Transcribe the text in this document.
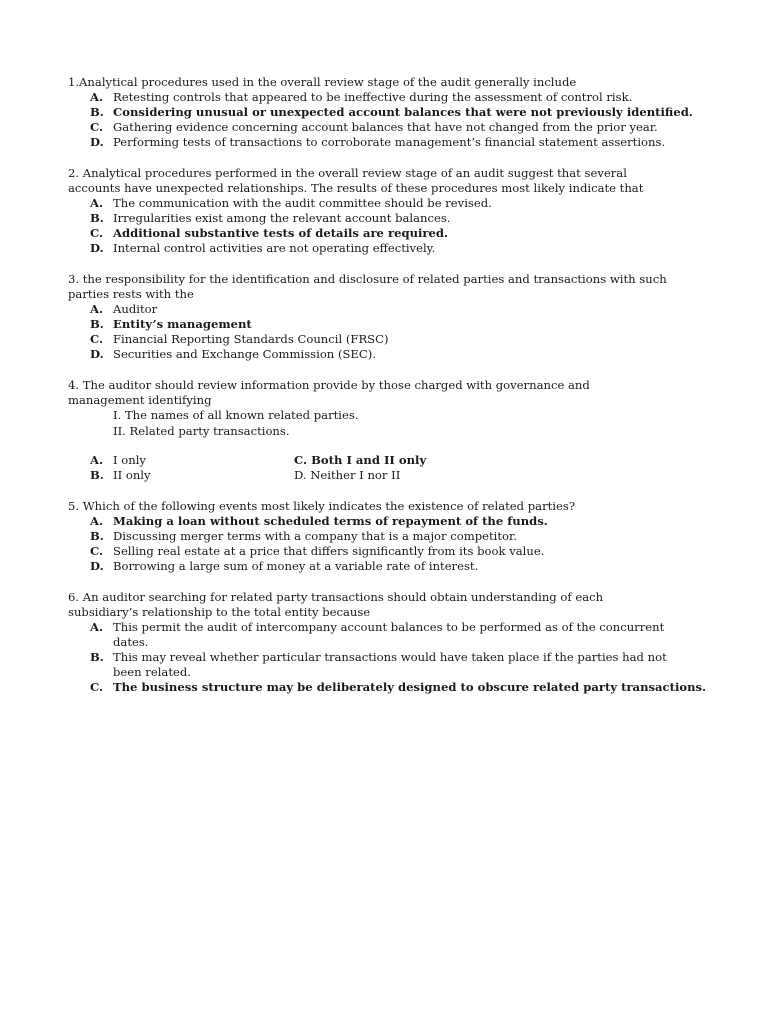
1.Analytical procedures used in the overall review stage of the audit generally include
A. Retesting controls that appeared to be ineffective during the assessment of control risk.
B. Considering unusual or unexpected account balances that were not previously identified.
C. Gathering evidence concerning account balances that have not changed from the prior year.
D. Performing tests of transactions to corroborate management’s financial statement assertions.
2. Analytical procedures performed in the overall review stage of an audit suggest that several
accounts have unexpected relationships. The results of these procedures most likely indicate that
A. The communication with the audit committee should be revised.
B. Irregularities exist among the relevant account balances.
C. Additional substantive tests of details are required.
D. Internal control activities are not operating effectively.
3. the responsibility for the identification and disclosure of related parties and transactions with such
parties rests with the
A. Auditor
B. Entity’s management
C. Financial Reporting Standards Council (FRSC)
D. Securities and Exchange Commission (SEC).
4. The auditor should review information provide by those charged with governance and
management identifying
I. The names of all known related parties.
II. Related party transactions.
A. I only
B. II only
C. Both I and II only
D. Neither I nor II
5. Which of the following events most likely indicates the existence of related parties?
A. Making a loan without scheduled terms of repayment of the funds.
B. Discussing merger terms with a company that is a major competitor.
C. Selling real estate at a price that differs significantly from its book value.
D. Borrowing a large sum of money at a variable rate of interest.
6. An auditor searching for related party transactions should obtain understanding of each
subsidiary’s relationship to the total entity because
A. This permit the audit of intercompany account balances to be performed as of the concurrent
dates.
B. This may reveal whether particular transactions would have taken place if the parties had not
been related.
C. The business structure may be deliberately designed to obscure related party transactions.
